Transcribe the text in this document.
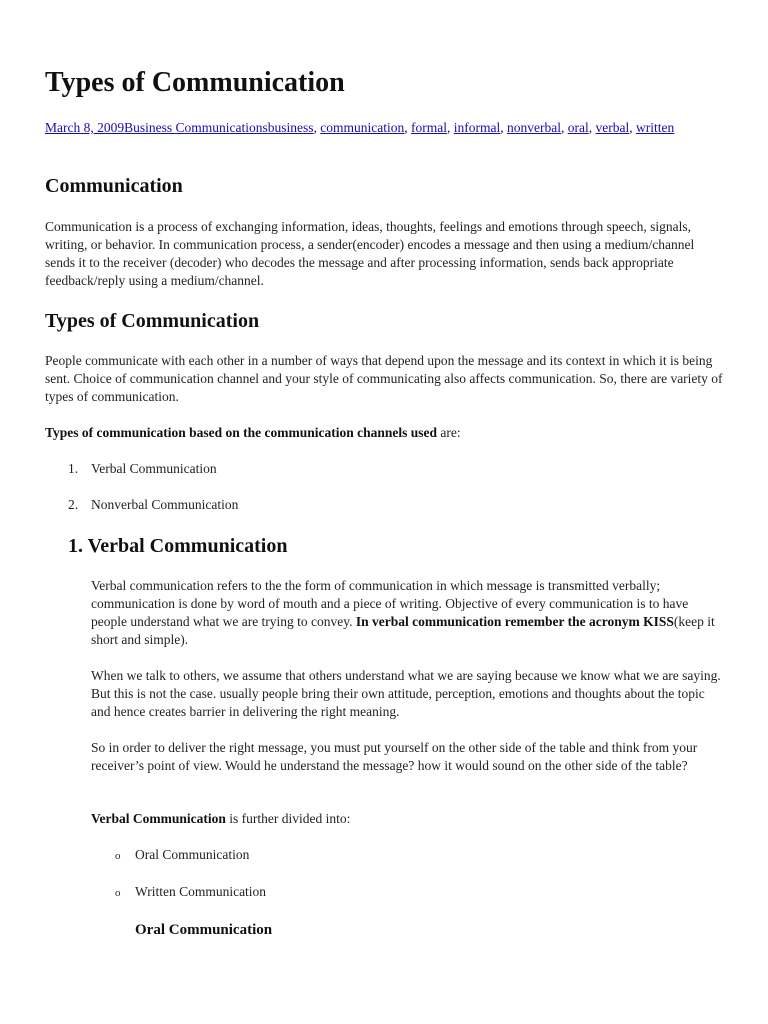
Types of Communication
March 8, 2009Business Communicationsbusiness, communication, formal, informal, nonverbal, oral, verbal, written
Communication

Communication is a process of exchanging information, ideas, thoughts, feelings and emotions through speech, signals, writing, or behavior. In communication process, a sender(encoder) encodes a message and then using a medium/channel sends it to the receiver (decoder) who decodes the message and after processing information, sends back appropriate feedback/reply using a medium/channel.

Types of Communication

People communicate with each other in a number of ways that depend upon the message and its context in which it is being sent. Choice of communication channel and your style of communicating also affects communication. So, there are variety of types of communication.

Types of communication based on the communication channels used are:

1. Verbal Communication
2. Nonverbal Communication
1. Verbal Communication

Verbal communication refers to the the form of communication in which message is transmitted verbally; communication is done by word of mouth and a piece of writing. Objective of every communication is to have people understand what we are trying to convey. In verbal communication remember the acronym KISS(keep it short and simple).

When we talk to others, we assume that others understand what we are saying because we know what we are saying. But this is not the case. usually people bring their own attitude, perception, emotions and thoughts about the topic and hence creates barrier in delivering the right meaning.

So in order to deliver the right message, you must put yourself on the other side of the table and think from your receiver’s point of view. Would he understand the message? how it would sound on the other side of the table?

Verbal Communication is further divided into:

o Oral Communication
o Written Communication
Oral Communication
